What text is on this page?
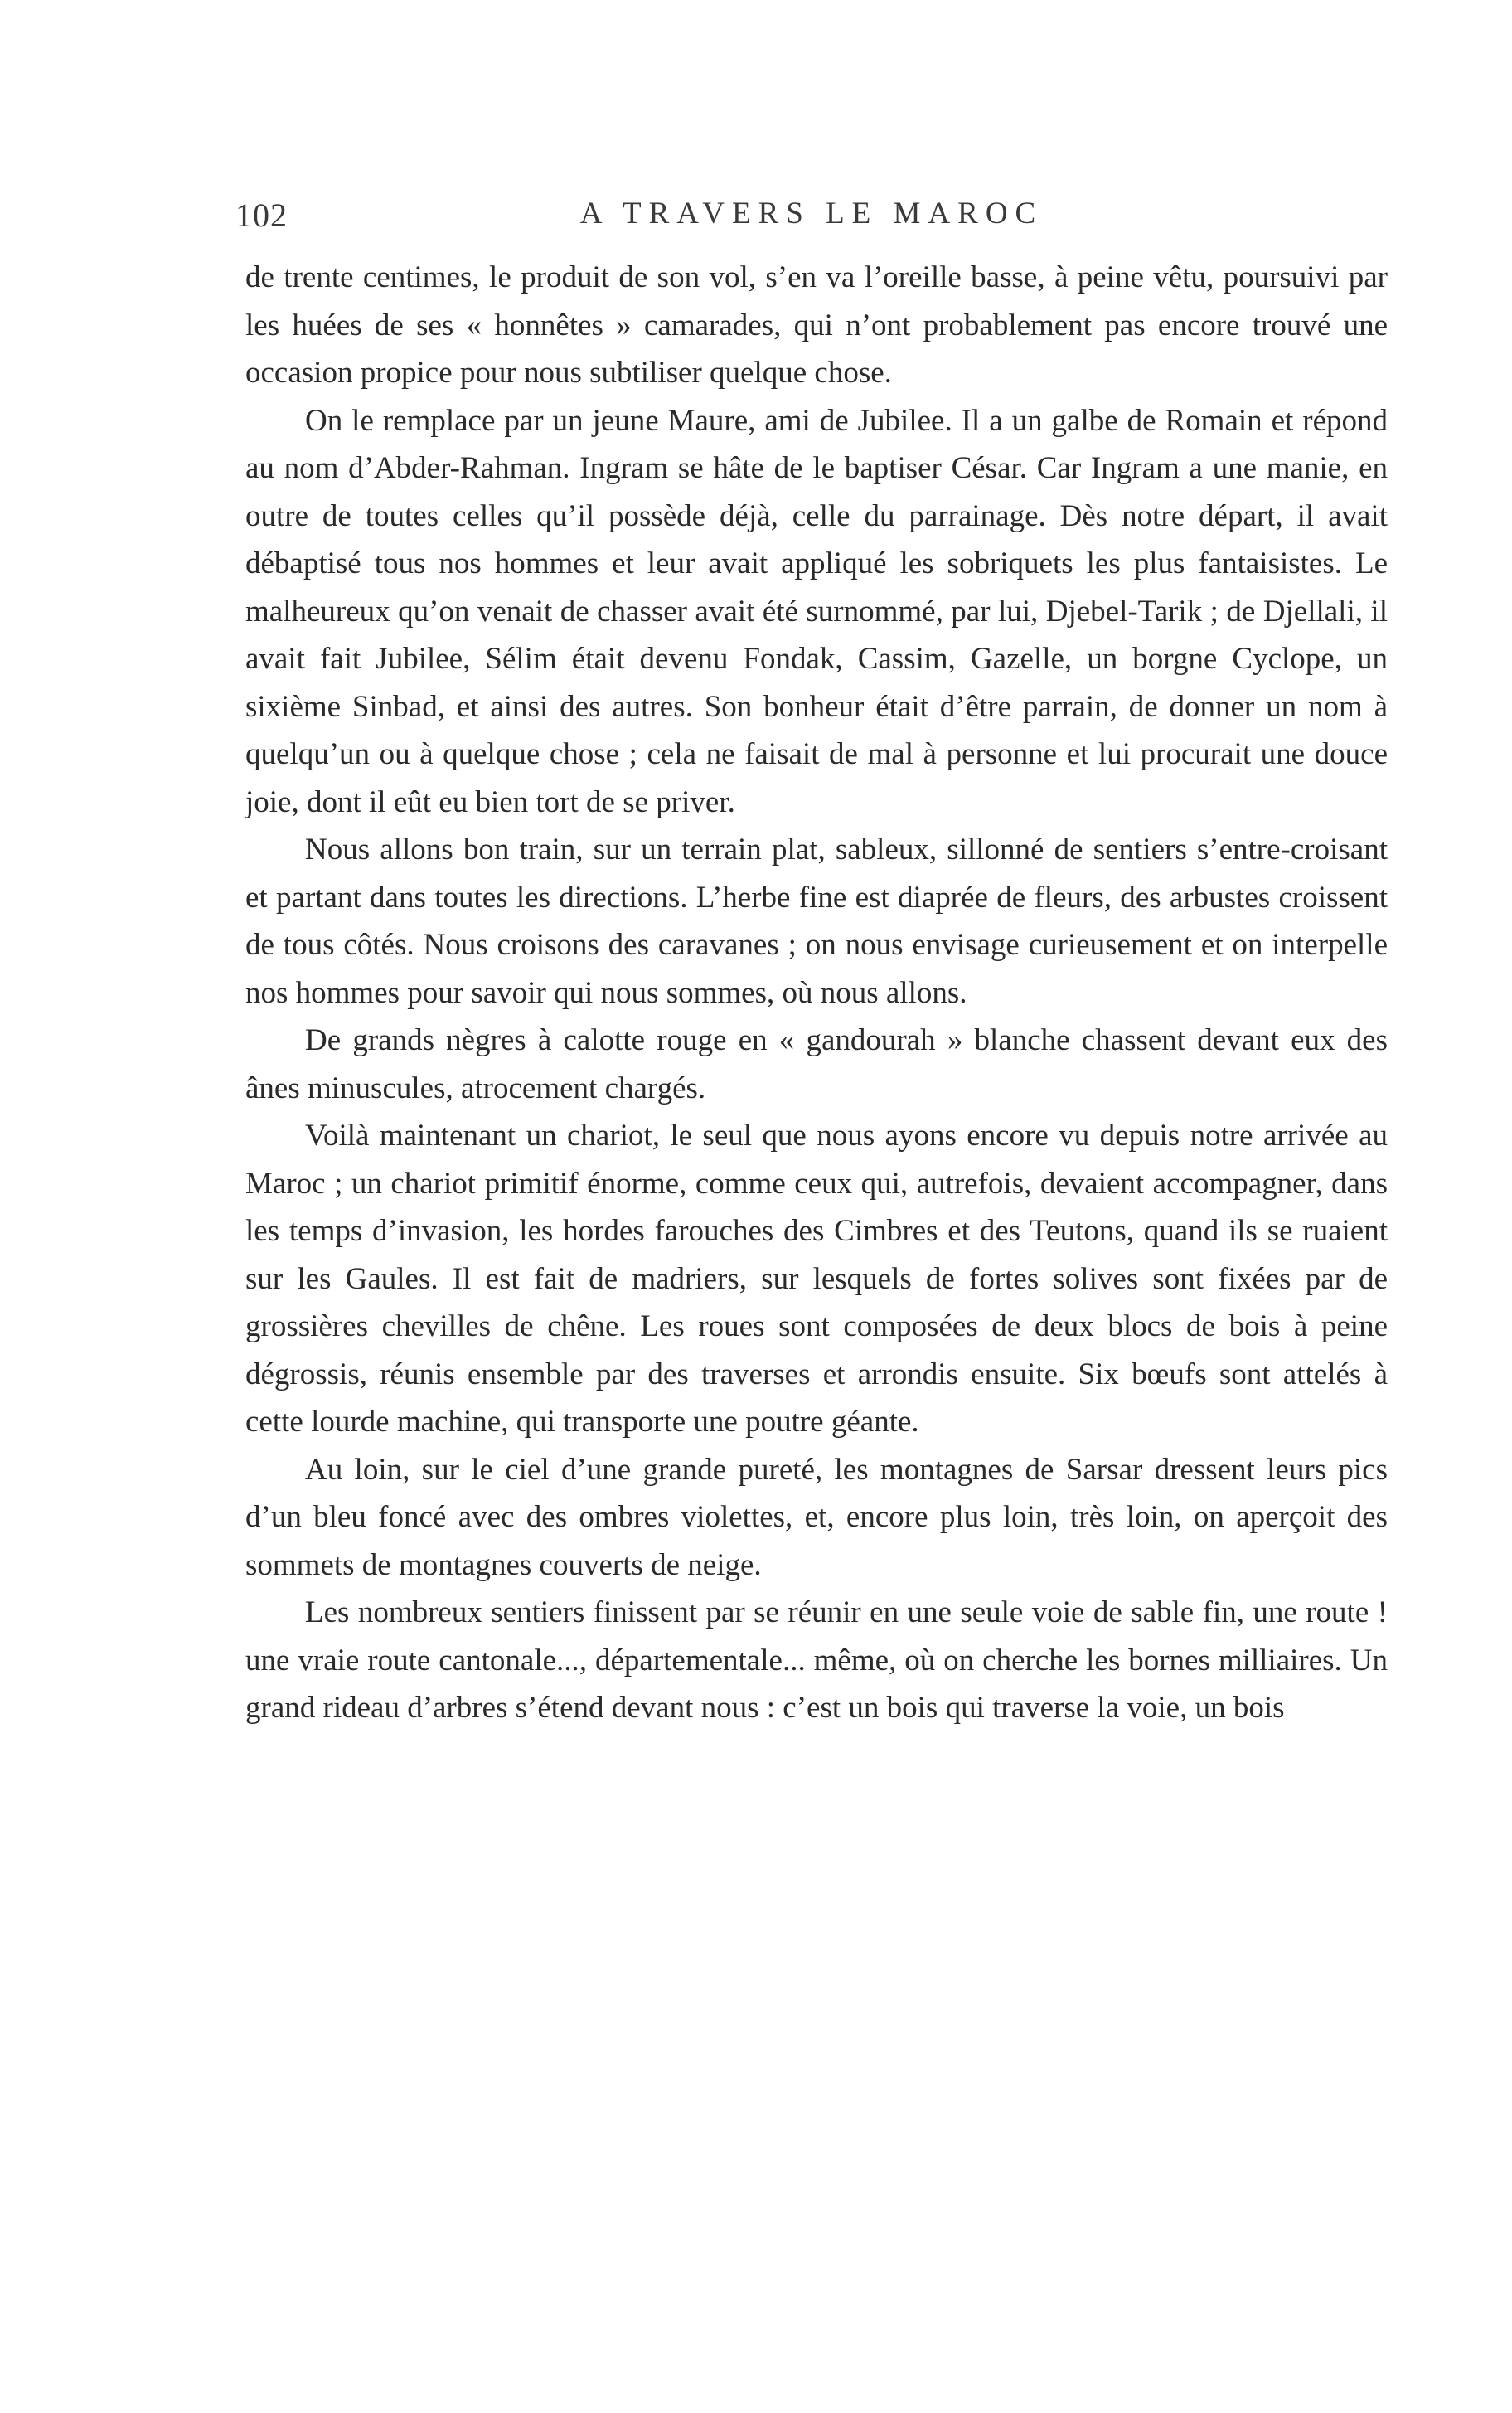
102	A TRAVERS LE MAROC

de trente centimes, le produit de son vol, s’en va l’oreille basse, à peine vêtu, poursuivi par les huées de ses « honnêtes » camarades, qui n’ont probablement pas encore trouvé une occasion propice pour nous subtiliser quelque chose.

On le remplace par un jeune Maure, ami de Jubilee. Il a un galbe de Romain et répond au nom d’Abder-Rahman. Ingram se hâte de le baptiser César. Car Ingram a une manie, en outre de toutes celles qu’il possède déjà, celle du parrainage. Dès notre départ, il avait débaptisé tous nos hommes et leur avait appliqué les sobriquets les plus fantaisistes. Le malheureux qu’on venait de chasser avait été surnommé, par lui, Djebel-Tarik ; de Djellali, il avait fait Jubilee, Sélim était devenu Fondak, Cassim, Gazelle, un borgne Cyclope, un sixième Sinbad, et ainsi des autres. Son bonheur était d’être parrain, de donner un nom à quelqu’un ou à quelque chose ; cela ne faisait de mal à personne et lui procurait une douce joie, dont il eût eu bien tort de se priver.

Nous allons bon train, sur un terrain plat, sableux, sillonné de sentiers s’entre-croisant et partant dans toutes les directions. L’herbe fine est diaprée de fleurs, des arbustes croissent de tous côtés. Nous croisons des caravanes ; on nous envisage curieusement et on interpelle nos hommes pour savoir qui nous sommes, où nous allons.

De grands nègres à calotte rouge en « gandourah » blanche chassent devant eux des ânes minuscules, atrocement chargés.

Voilà maintenant un chariot, le seul que nous ayons encore vu depuis notre arrivée au Maroc ; un chariot primitif énorme, comme ceux qui, autrefois, devaient accompagner, dans les temps d’invasion, les hordes farouches des Cimbres et des Teutons, quand ils se ruaient sur les Gaules. Il est fait de madriers, sur lesquels de fortes solives sont fixées par de grossières chevilles de chêne. Les roues sont composées de deux blocs de bois à peine dégrossis, réunis ensemble par des traverses et arrondis ensuite. Six bœufs sont attelés à cette lourde machine, qui transporte une poutre géante.

Au loin, sur le ciel d’une grande pureté, les montagnes de Sarsar dressent leurs pics d’un bleu foncé avec des ombres violettes, et, encore plus loin, très loin, on aperçoit des sommets de montagnes couverts de neige.

Les nombreux sentiers finissent par se réunir en une seule voie de sable fin, une route ! une vraie route cantonale..., départementale... même, où on cherche les bornes milliaires. Un grand rideau d’arbres s’étend devant nous : c’est un bois qui traverse la voie, un bois
